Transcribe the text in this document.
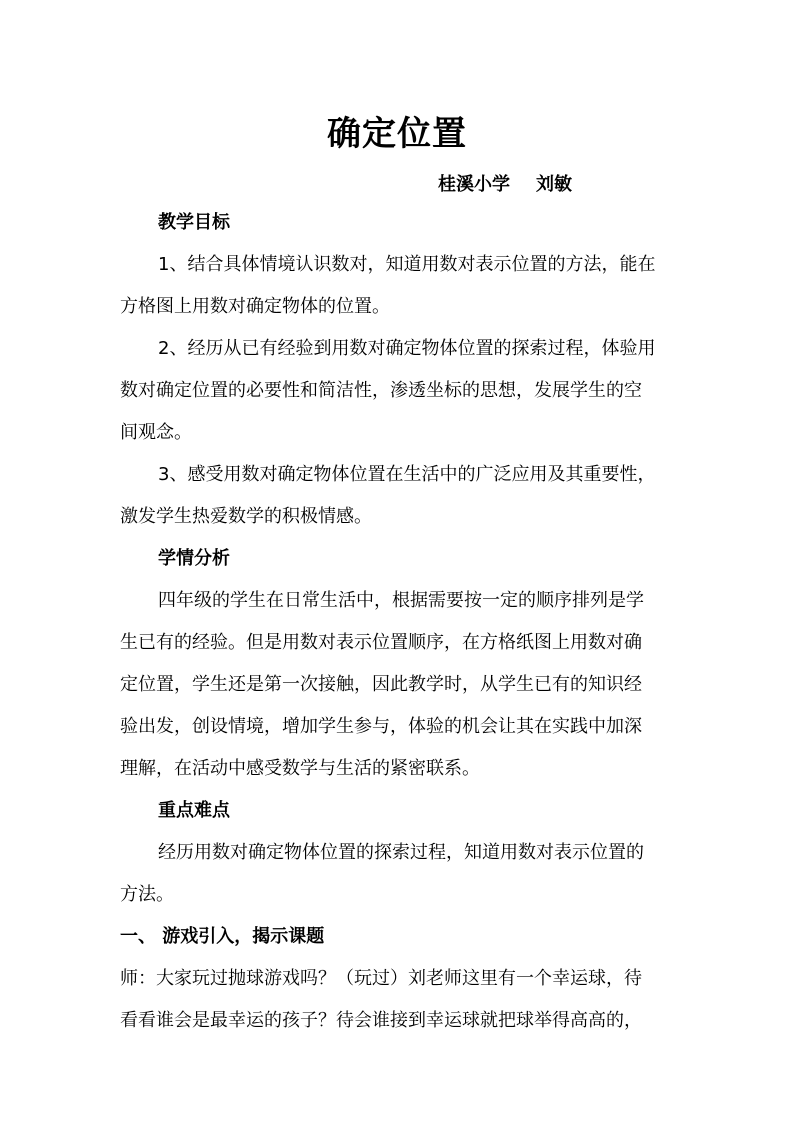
确定位置
桂溪小学 刘敏
教学目标
1、结合具体情境认识数对，知道用数对表示位置的方法，能在
方格图上用数对确定物体的位置。
2、经历从已有经验到用数对确定物体位置的探索过程，体验用
数对确定位置的必要性和简洁性，渗透坐标的思想，发展学生的空
间观念。
3、感受用数对确定物体位置在生活中的广泛应用及其重要性，
激发学生热爱数学的积极情感。
学情分析
四年级的学生在日常生活中，根据需要按一定的顺序排列是学
生已有的经验。但是用数对表示位置顺序，在方格纸图上用数对确
定位置，学生还是第一次接触，因此教学时，从学生已有的知识经
验出发，创设情境，增加学生参与，体验的机会让其在实践中加深
理解，在活动中感受数学与生活的紧密联系。
重点难点
经历用数对确定物体位置的探索过程，知道用数对表示位置的
方法。
一、 游戏引入，揭示课题
师：大家玩过抛球游戏吗？（玩过）刘老师这里有一个幸运球，待
看看谁会是最幸运的孩子？待会谁接到幸运球就把球举得高高的，
